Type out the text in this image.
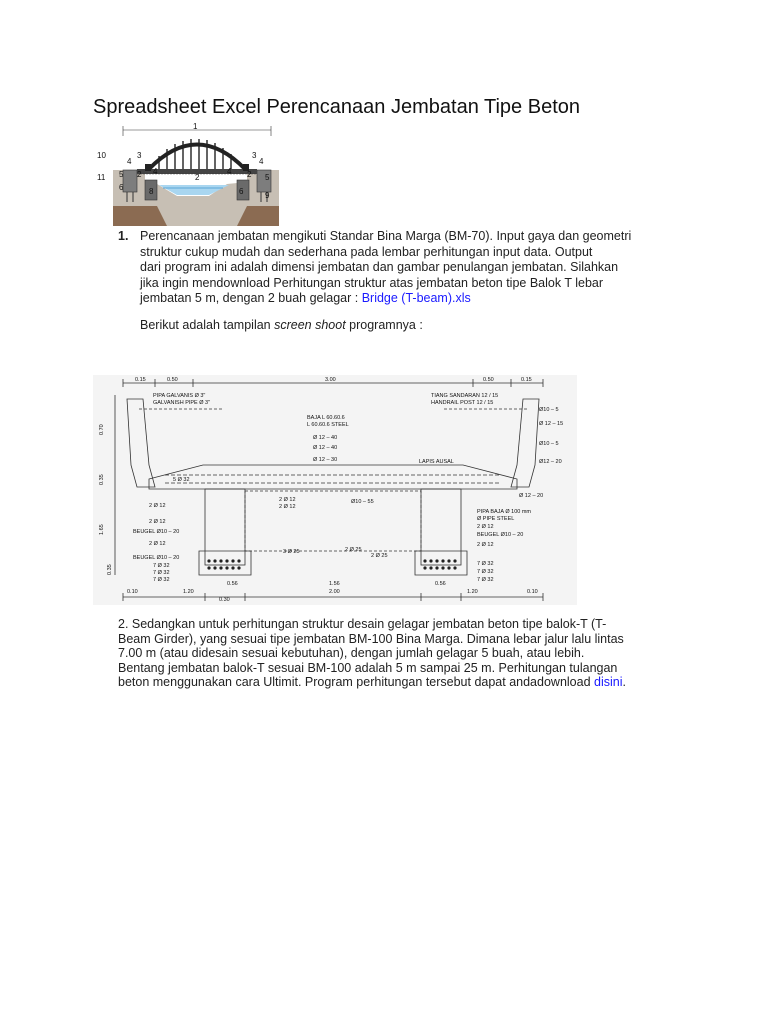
Spreadsheet Excel Perencanaan Jembatan Tipe Beton
1
10
11
4
3	3
4
5 2 4
2
4 2 5
6	8	6	9
1. Perencanaan jembatan mengikuti Standar Bina Marga (BM-70). Input gaya dan geometri
struktur cukup mudah dan sederhana pada lembar perhitungan input data. Output
dari program ini adalah dimensi jembatan dan gambar penulangan jembatan. Silahkan
jika ingin mendownload Perhitungan struktur atas jembatan beton tipe Balok T lebar
jembatan 5 m, dengan 2 buah gelagar : Bridge (T-beam).xls
Berikut adalah tampilan screen shoot programnya :
0.15	0.50	3.00	0.50	0.15
PIPA GALVANIS Ø 3"
GALVANISH PIPE Ø 3"
TIANG SANDARAN 12 / 15
HANDRAIL POST 12 / 15
BAJA L 60.60.6
L 60.60.6 STEEL
Ø 12 – 40
Ø 12 – 40
Ø 12 – 30	LAPIS AUSAL
Ø10 – 5
Ø 12 – 15
Ø10 – 5
Ø12 – 20
Ø 12 – 20
PIPA BAJA Ø 100 mm
Ø PIPE STEEL
2 Ø 12
BEUGEL Ø10 – 20
2 Ø 12
7 Ø 32
7 Ø 32
7 Ø 32
5 Ø 32
2 Ø 12
2 Ø 12
BEUGEL Ø10 – 20
2 Ø 12
BEUGEL Ø10 – 20
7 Ø 32
7 Ø 32
7 Ø 32
2 Ø 12
2 Ø 12
Ø10 – 55
3 Ø 25	2 Ø 25
2 Ø 25
0.70
0.35
1.65
0.35
0.10	1.20
0.56
2.00
0.56
1.20	0.10
0.30
1.56
2. Sedangkan untuk perhitungan struktur desain gelagar jembatan beton tipe balok-T (T-
Beam Girder), yang sesuai tipe jembatan BM-100 Bina Marga. Dimana lebar jalur lalu lintas
7.00 m (atau didesain sesuai kebutuhan), dengan jumlah gelagar 5 buah, atau lebih.
Bentang jembatan balok-T sesuai BM-100 adalah 5 m sampai 25 m. Perhitungan tulangan
beton menggunakan cara Ultimit. Program perhitungan tersebut dapat andadownload disini.
